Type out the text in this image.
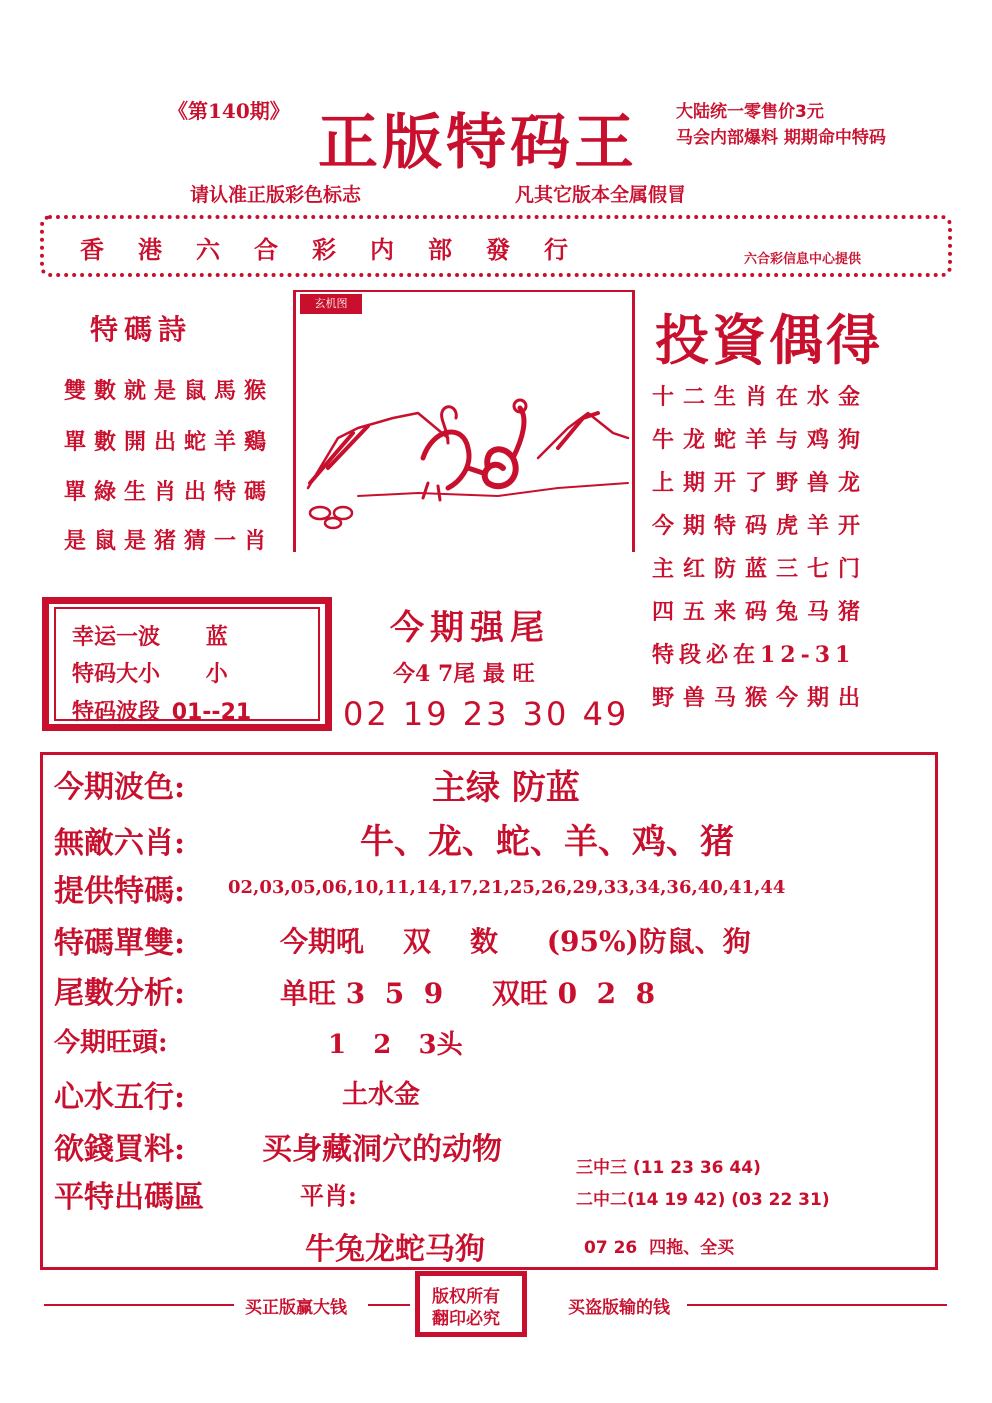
《第140期》 正版特码王 大陆统一零售价3元
马会内部爆料 期期命中特码
请认准正版彩色标志	凡其它版本全属假冒
香港六合彩内部發行	六合彩信息中心提供
特碼詩
雙數就是鼠馬猴
單數開出蛇羊鷄
單綠生肖出特碼
是鼠是猪猜一肖
玄机图
投資偶得
十二生肖在水金
牛龙蛇羊与鸡狗
上期开了野兽龙
今期特码虎羊开
主红防蓝三七门
四五来码兔马猪
特段必在12-31
野兽马猴今期出
幸运一波 蓝
特码大小 小
特码波段 01--21
今期强尾
今4 7尾 最 旺
02 19 23 30 49
今期波色:	主绿 防蓝
無敵六肖:	牛、龙、蛇、羊、鸡、猪
提供特碼: 02,03,05,06,10,11,14,17,21,25,26,29,33,34,36,40,41,44
特碼單雙:	今期吼    双    数     (95%)防鼠、狗
尾數分析:	单旺 3  5  9     双旺 0  2  8
今期旺頭:	1   2   3头
心水五行:	土水金
欲錢買料:	买身藏洞穴的动物
平特出碼區	平肖:
牛兔龙蛇马狗
三中三 (11 23 36 44)
二中二(14 19 42) (03 22 31)
07 26  四拖、全买
买正版赢大钱	买盗版输的钱
版权所有
翻印必究
